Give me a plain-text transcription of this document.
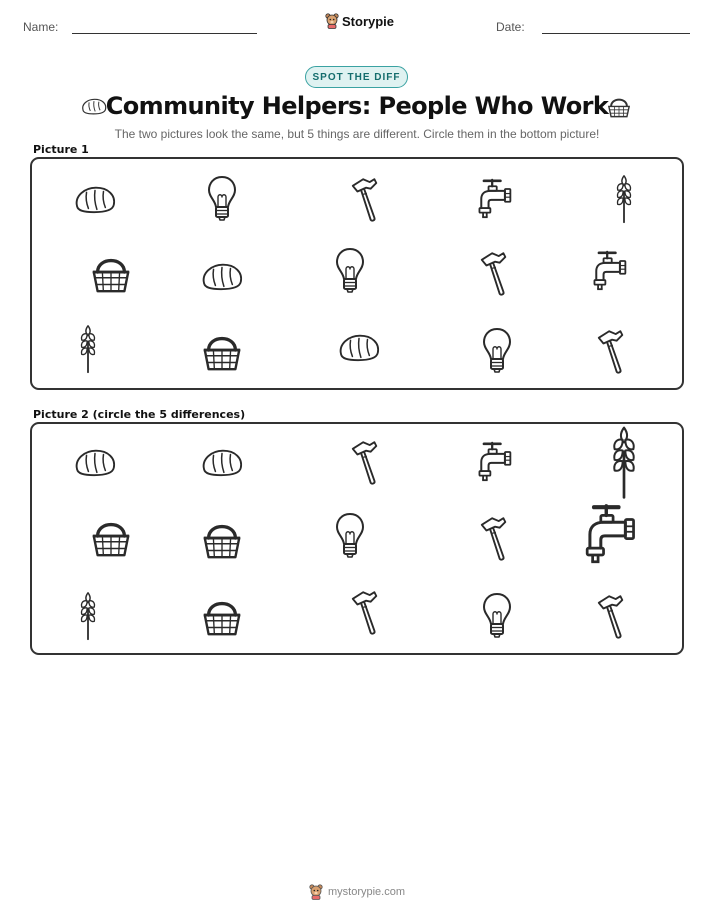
Name:	Storypie	Date:
SPOT THE DIFF
Community Helpers: People Who Work
The two pictures look the same, but 5 things are different. Circle them in the bottom picture!
Picture 1
Picture 2 (circle the 5 differences)
mystorypie.com
